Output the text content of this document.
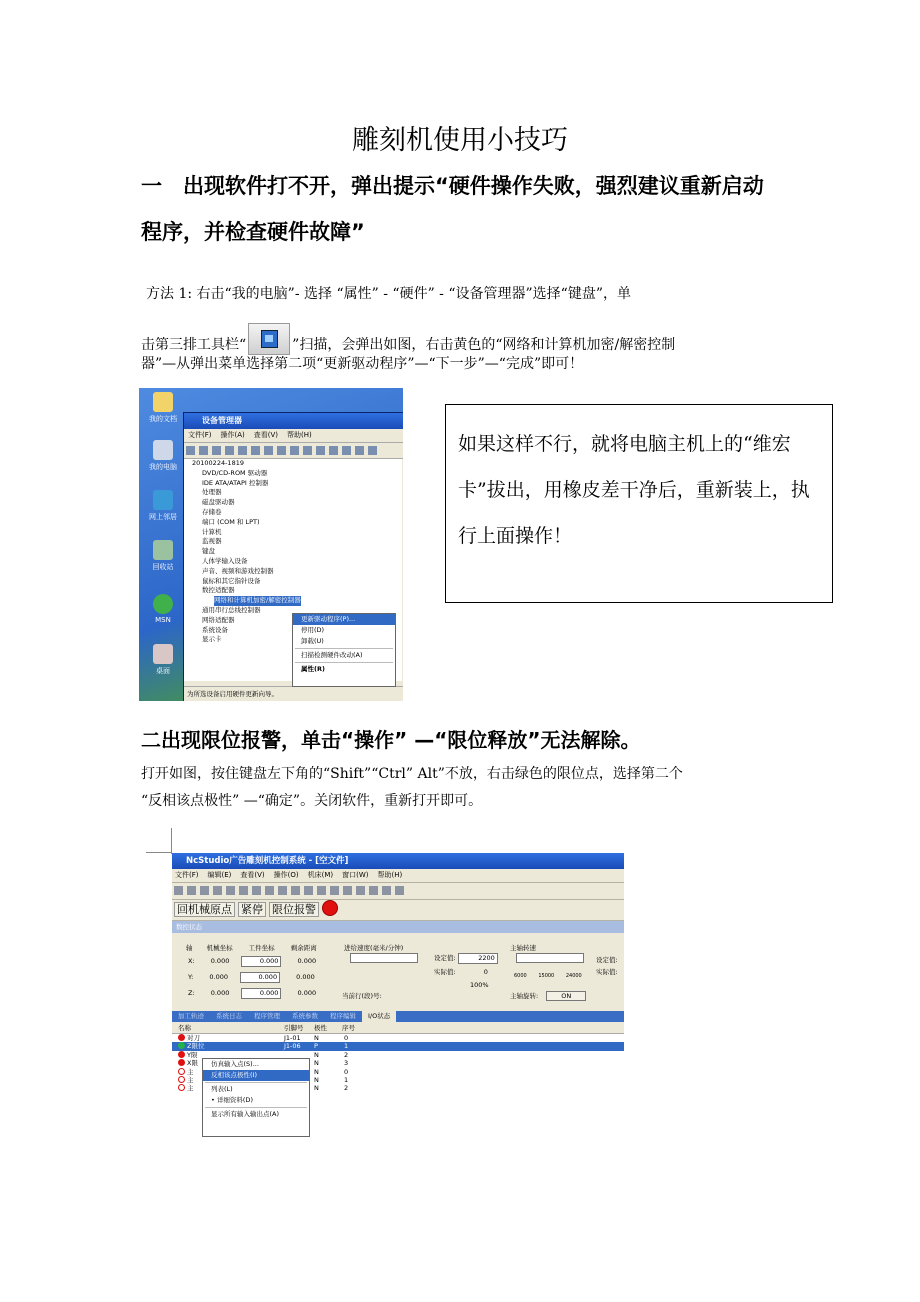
雕刻机使用小技巧
一 出现软件打不开，弹出提示“硬件操作失败，强烈建议重新启动
程序，并检查硬件故障”
方法 1: 右击“我的电脑”- 选择 “属性” - “硬件” - “设备管理器”选择“键盘”，单
击第三排工具栏“	”扫描，会弹出如图，右击黄色的“网络和计算机加密/解密控制
器”—从弹出菜单选择第二项“更新驱动程序”—“下一步”—“完成”即可！
我的文档
我的电脑
网上邻居
回收站
MSN
桌面
设备管理器
文件(F) 操作(A) 查看(V) 帮助(H)
20100224-1819
DVD/CD-ROM 驱动器
IDE ATA/ATAPI 控制器
处理器
磁盘驱动器
存储卷
端口 (COM 和 LPT)
计算机
监视器
键盘
人体学输入设备
声音、视频和游戏控制器
鼠标和其它指针设备
数控适配器
网络和计算机加密/解密控制器
通用串行总线控制器
网络适配器
系统设备
显示卡
为所选设备启用硬件更新向导。
更新驱动程序(P)...
停用(D)
卸载(U)
扫描检测硬件改动(A)
属性(R)
如果这样不行，就将电脑主机上的“维宏卡”拔出，用橡皮差干净后，重新装上，执行上面操作！
二出现限位报警，单击“操作” —“限位释放”无法解除。
打开如图，按住键盘左下角的“Shift”“Ctrl” Alt”不放，右击绿色的限位点，选择第二个
“反相该点极性” —“确定”。关闭软件，重新打开即可。
NcStudio广告雕刻机控制系统 - [空文件]
文件(F) 编辑(E) 查看(V) 操作(O) 机床(M) 窗口(W) 帮助(H)
回机械原点 紧停 限位报警
数控状态
轴 机械坐标 工件坐标 剩余距离
X: 0.000	0.000	0.000
Y: 0.000	0.000	0.000
Z: 0.000	0.000	0.000
进给速度(毫米/分钟)
设定值:	2200
实际值:	0
100%
当前行(段)号:
主轴转速
6000 15000 24000
设定值:
实际值:
主轴旋转:	ON
加工轨迹 系统日志 程序管理 系统参数 程序编辑 I/O状态
名称	引脚号 极性 序号
对刀	J1-01 N	0
Z限位	J1-06 P	1
Y限	N	2
X限	N	3
主	N	0
主	N	1
主	N	2
仿真输入点(S)...
反相该点极性(I)
列表(L)
• 详细资料(D)
显示所有输入输出点(A)
